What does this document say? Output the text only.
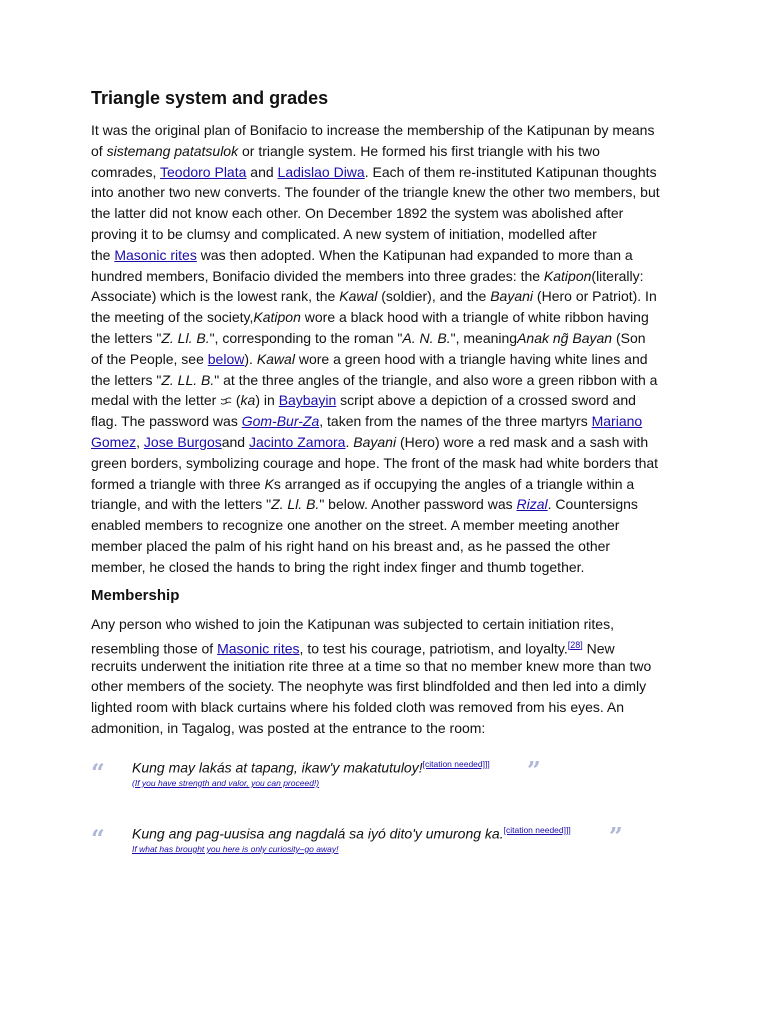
Triangle system and grades
It was the original plan of Bonifacio to increase the membership of the Katipunan by means
of sistemang patatsulok or triangle system. He formed his first triangle with his two
comrades, Teodoro Plata and Ladislao Diwa. Each of them re-instituted Katipunan thoughts
into another two new converts. The founder of the triangle knew the other two members, but
the latter did not know each other. On December 1892 the system was abolished after
proving it to be clumsy and complicated. A new system of initiation, modelled after
the Masonic rites was then adopted. When the Katipunan had expanded to more than a
hundred members, Bonifacio divided the members into three grades: the Katipon(literally:
Associate) which is the lowest rank, the Kawal (soldier), and the Bayani (Hero or Patriot). In
the meeting of the society,Katipon wore a black hood with a triangle of white ribbon having
the letters "Z. Ll. B.", corresponding to the roman "A. N. B.", meaningAnak ng̃ Bayan (Son
of the People, see below). Kawal wore a green hood with a triangle having white lines and
the letters "Z. LL. B." at the three angles of the triangle, and also wore a green ribbon with a
medal with the letter ᜃ (ka) in Baybayin script above a depiction of a crossed sword and
flag. The password was Gom-Bur-Za, taken from the names of the three martyrs Mariano
Gomez, Jose Burgosand Jacinto Zamora. Bayani (Hero) wore a red mask and a sash with
green borders, symbolizing courage and hope. The front of the mask had white borders that
formed a triangle with three Ks arranged as if occupying the angles of a triangle within a
triangle, and with the letters "Z. Ll. B." below. Another password was Rizal. Countersigns
enabled members to recognize one another on the street. A member meeting another
member placed the palm of his right hand on his breast and, as he passed the other
member, he closed the hands to bring the right index finger and thumb together.
Membership
Any person who wished to join the Katipunan was subjected to certain initiation rites,
resembling those of Masonic rites, to test his courage, patriotism, and loyalty.[28] New
recruits underwent the initiation rite three at a time so that no member knew more than two
other members of the society. The neophyte was first blindfolded and then led into a dimly
lighted room with black curtains where his folded cloth was removed from his eyes. An
admonition, in Tagalog, was posted at the entrance to the room:
“ Kung may lakás at tapang, ikaw'y makatutuloy![citation needed]]] ”
(If you have strength and valor, you can proceed!)
“ Kung ang pag-uusisa ang nagdalá sa iyó dito'y umurong ka.[citation needed]]] ”
If what has brought you here is only curiosity–go away!
